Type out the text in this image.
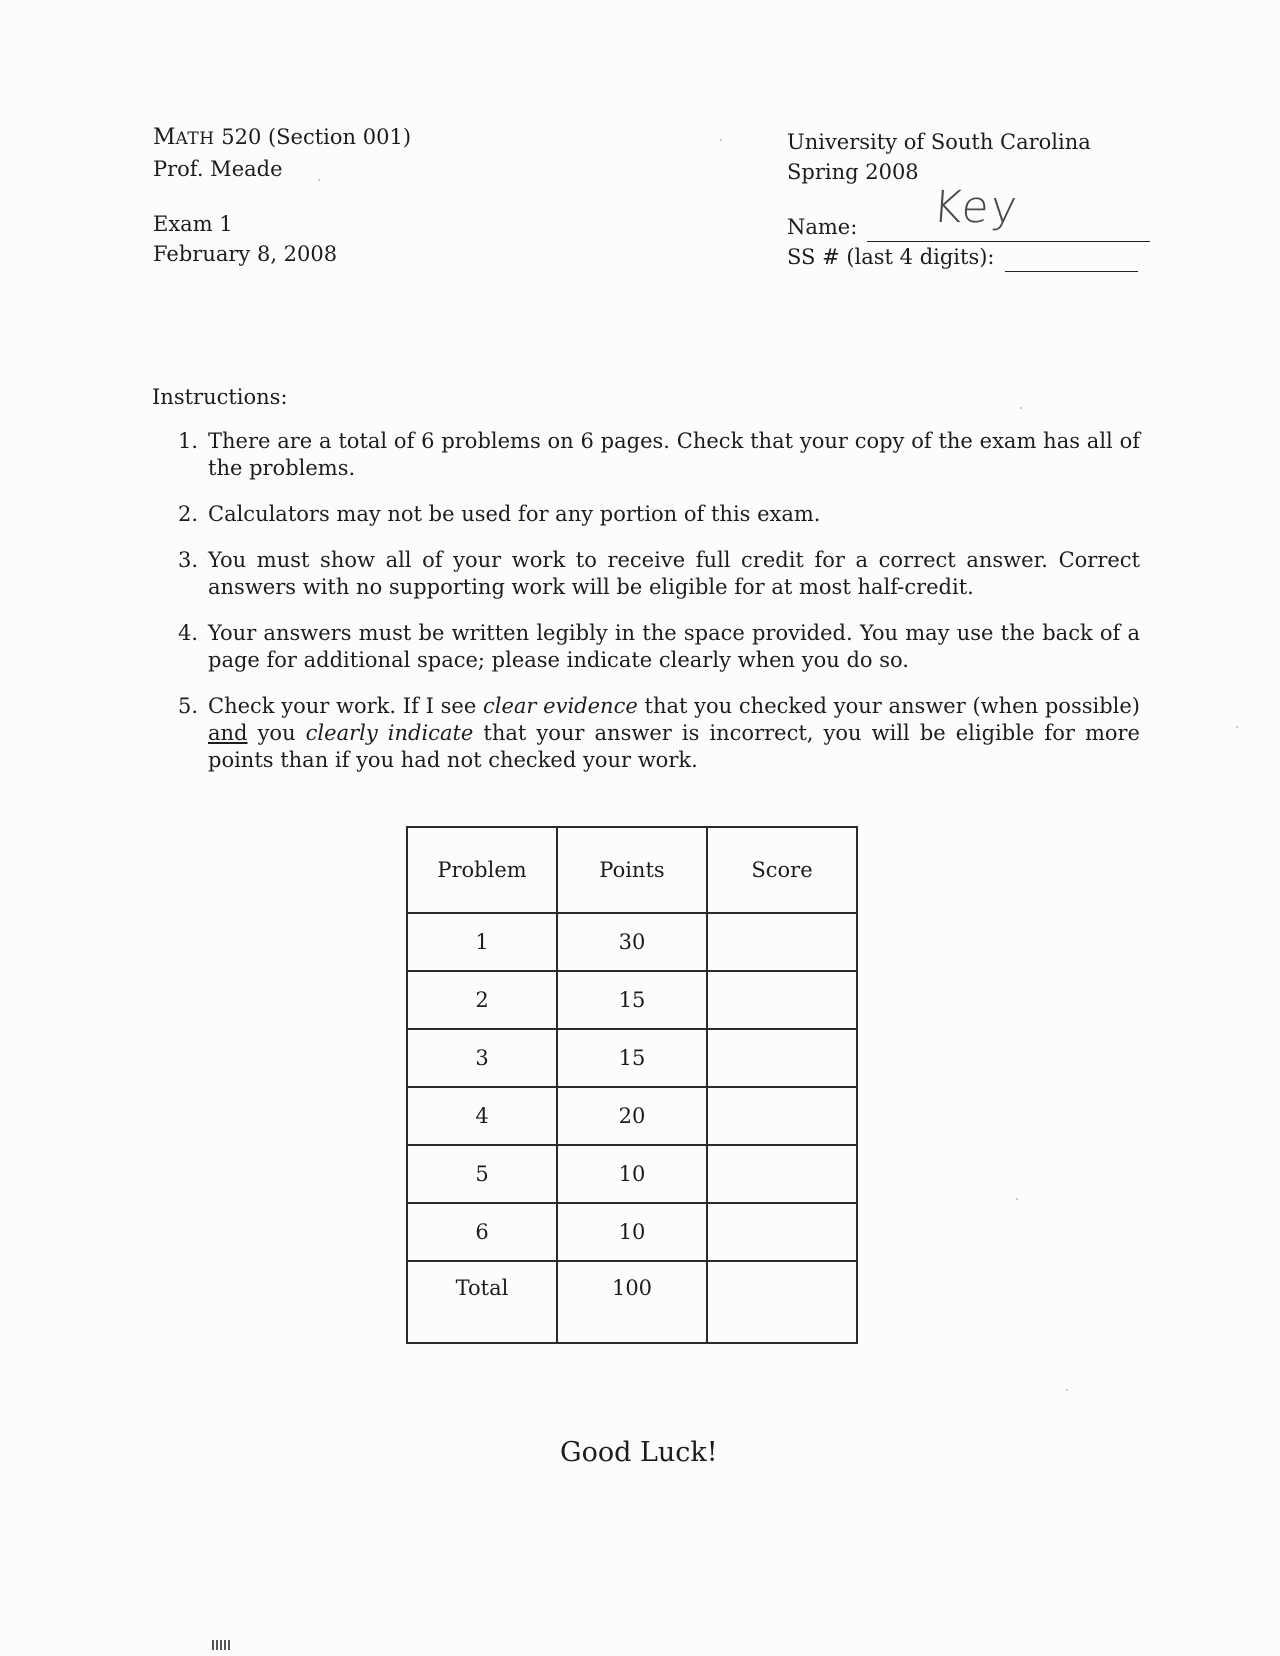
MATH 520 (Section 001)
Prof. Meade
Exam 1
February 8, 2008
University of South Carolina
Spring 2008
Name: Key
SS # (last 4 digits):
Instructions:
1. There are a total of 6 problems on 6 pages. Check that your copy of the exam has all of the problems.
2. Calculators may not be used for any portion of this exam.
3. You must show all of your work to receive full credit for a correct answer. Correct answers with no supporting work will be eligible for at most half-credit.
4. Your answers must be written legibly in the space provided. You may use the back of a page for additional space; please indicate clearly when you do so.
5. Check your work. If I see clear evidence that you checked your answer (when possible) and you clearly indicate that your answer is incorrect, you will be eligible for more points than if you had not checked your work.
Problem	Points	Score
1	30	
2	15	
3	15	
4	20	
5	10	
6	10	
Total	100	
Good Luck!
